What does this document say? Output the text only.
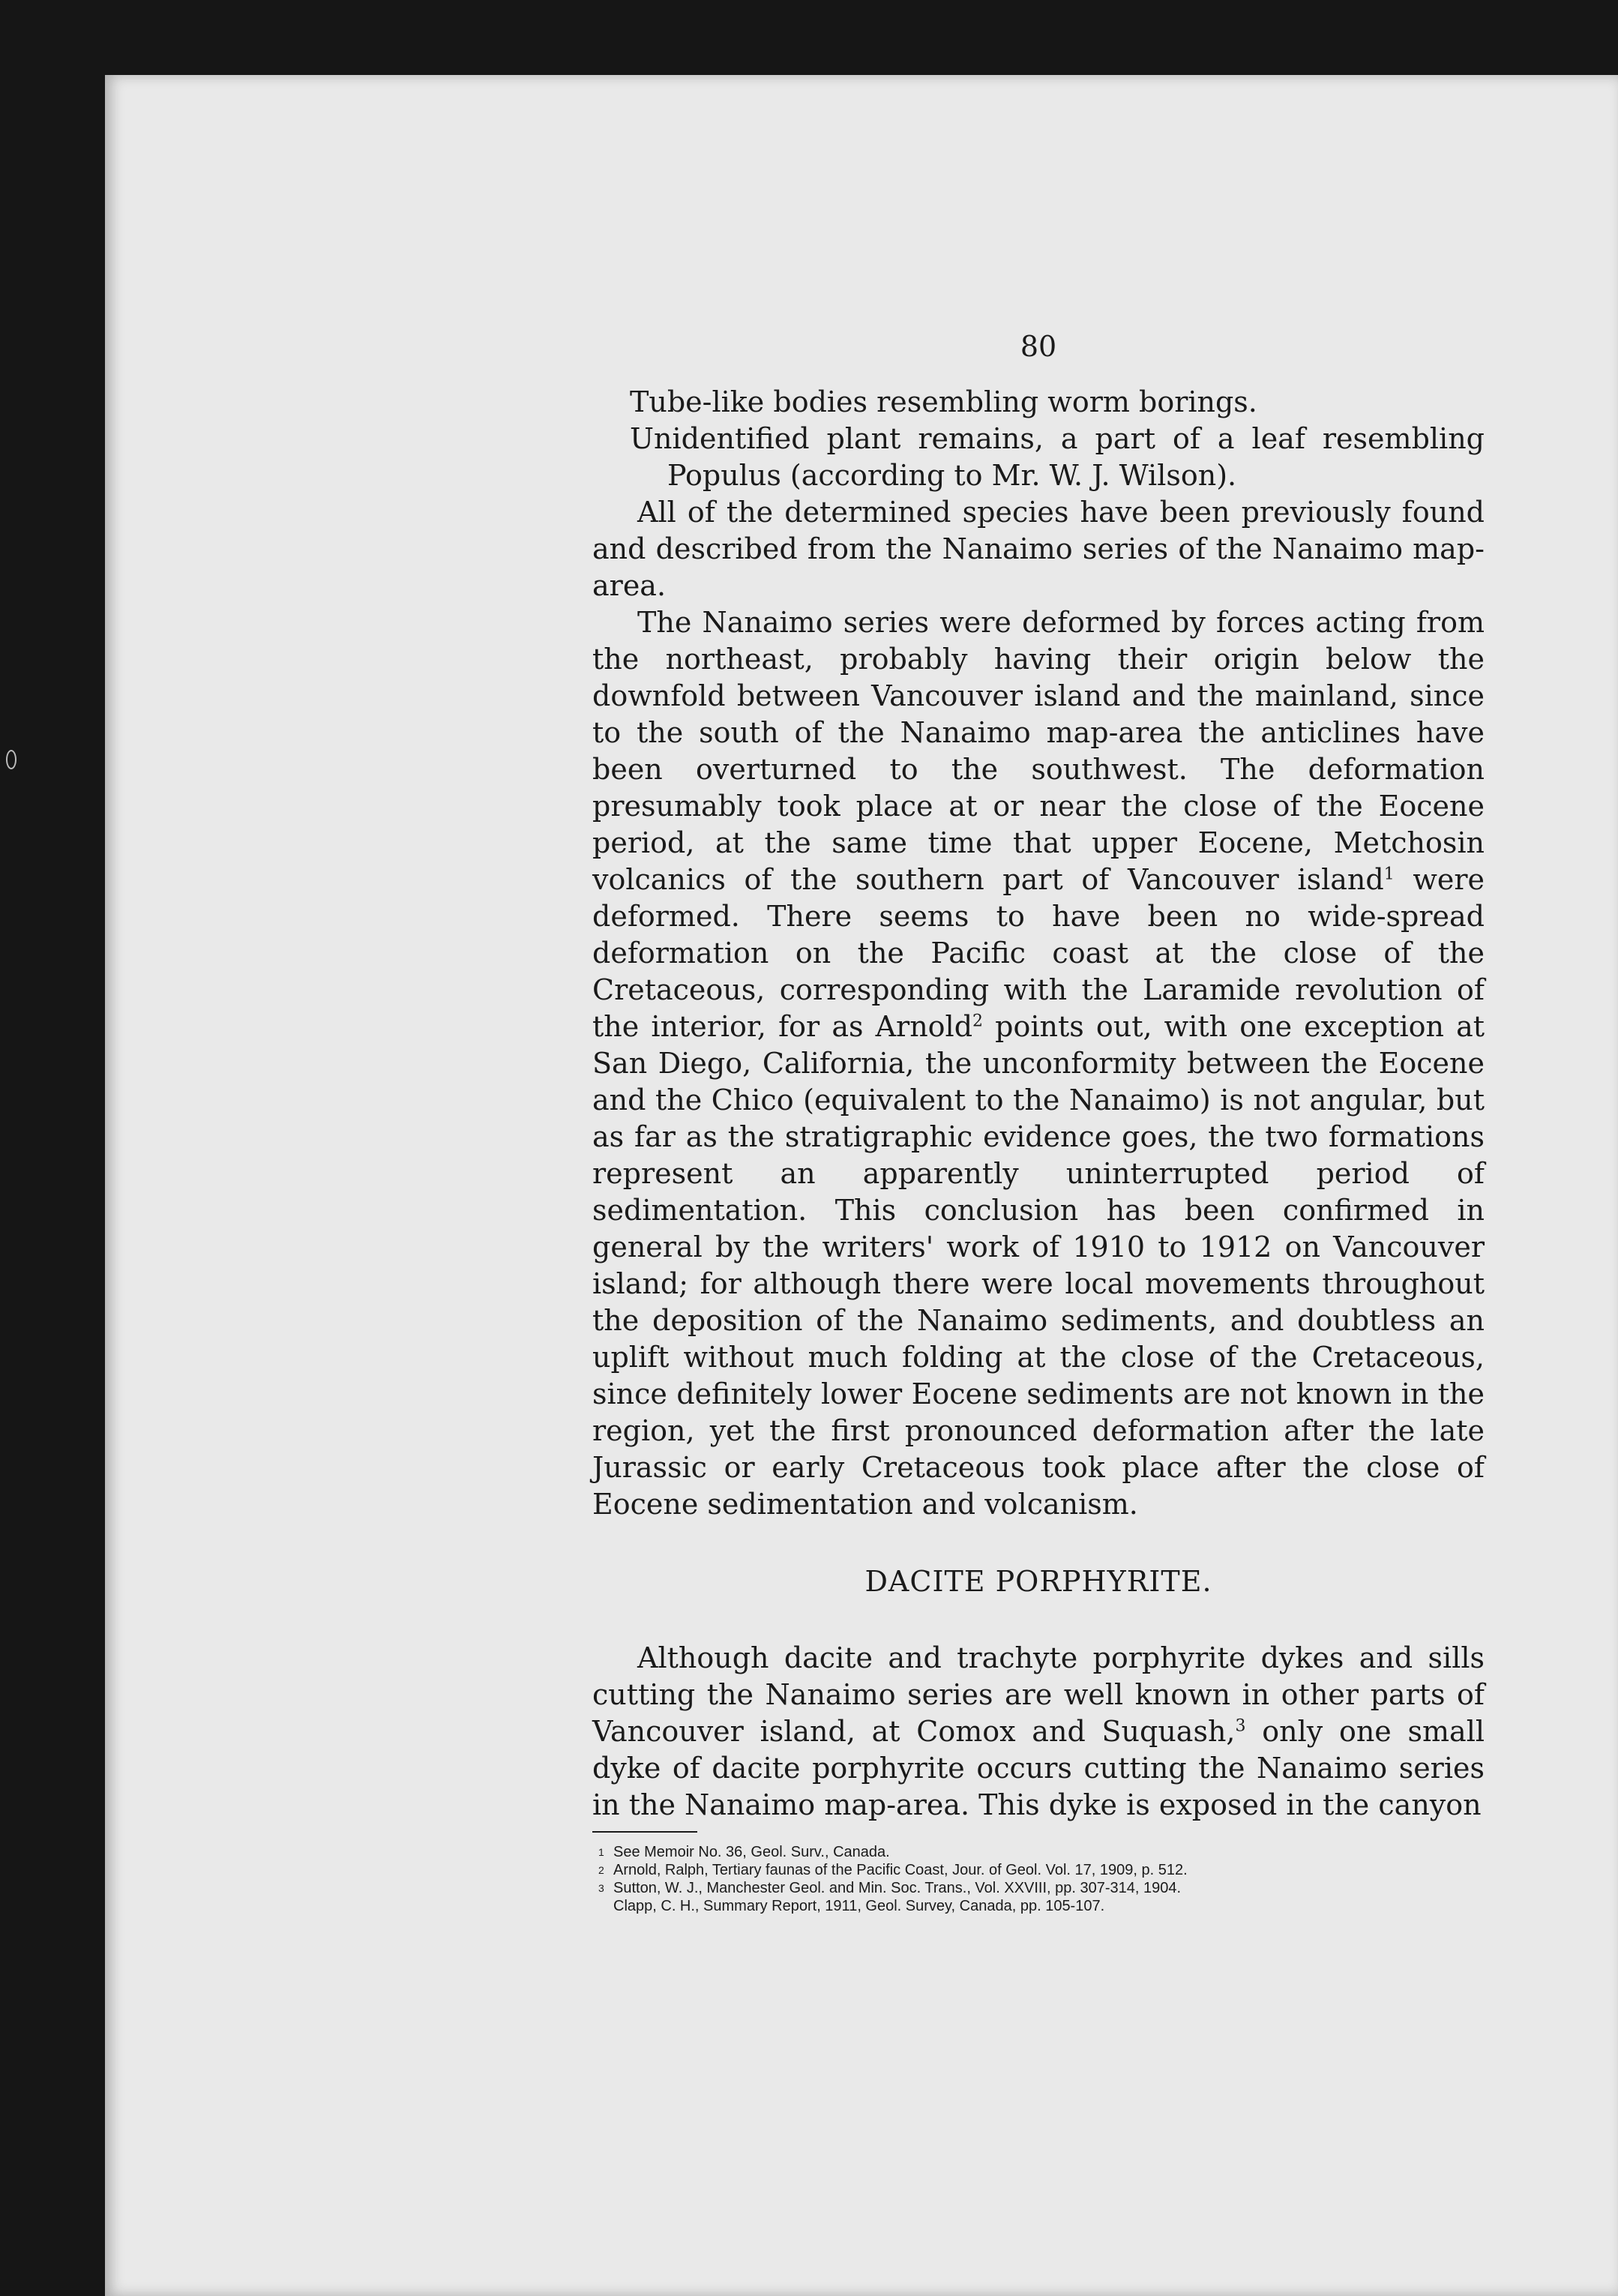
80

Tube-like bodies resembling worm borings.

Unidentified plant remains, a part of a leaf resembling Populus (according to Mr. W. J. Wilson).

All of the determined species have been previously found and described from the Nanaimo series of the Nanaimo map-area.

The Nanaimo series were deformed by forces acting from the northeast, probably having their origin below the downfold between Vancouver island and the mainland, since to the south of the Nanaimo map-area the anticlines have been overturned to the southwest. The deformation presumably took place at or near the close of the Eocene period, at the same time that upper Eocene, Metchosin volcanics of the southern part of Vancouver island$^1$ were deformed. There seems to have been no wide-spread deformation on the Pacific coast at the close of the Cretaceous, corresponding with the Laramide revolution of the interior, for as Arnold$^2$ points out, with one exception at San Diego, California, the unconformity between the Eocene and the Chico (equivalent to the Nanaimo) is not angular, but as far as the stratigraphic evidence goes, the two formations represent an apparently uninterrupted period of sedimentation. This conclusion has been confirmed in general by the writers' work of 1910 to 1912 on Vancouver island; for although there were local movements throughout the deposition of the Nanaimo sediments, and doubtless an uplift without much folding at the close of the Cretaceous, since definitely lower Eocene sediments are not known in the region, yet the first pronounced deformation after the late Jurassic or early Cretaceous took place after the close of Eocene sedimentation and volcanism.

DACITE PORPHYRITE.

Although dacite and trachyte porphyrite dykes and sills cutting the Nanaimo series are well known in other parts of Vancouver island, at Comox and Suquash,$^3$ only one small dyke of dacite porphyrite occurs cutting the Nanaimo series in the Nanaimo map-area. This dyke is exposed in the canyon

1 See Memoir No. 36, Geol. Surv., Canada.
2 Arnold, Ralph, Tertiary faunas of the Pacific Coast, Jour. of Geol. Vol. 17, 1909, p. 512.
3 Sutton, W. J., Manchester Geol. and Min. Soc. Trans., Vol. XXVIII, pp. 307-314, 1904.
Clapp, C. H., Summary Report, 1911, Geol. Survey, Canada, pp. 105-107.
